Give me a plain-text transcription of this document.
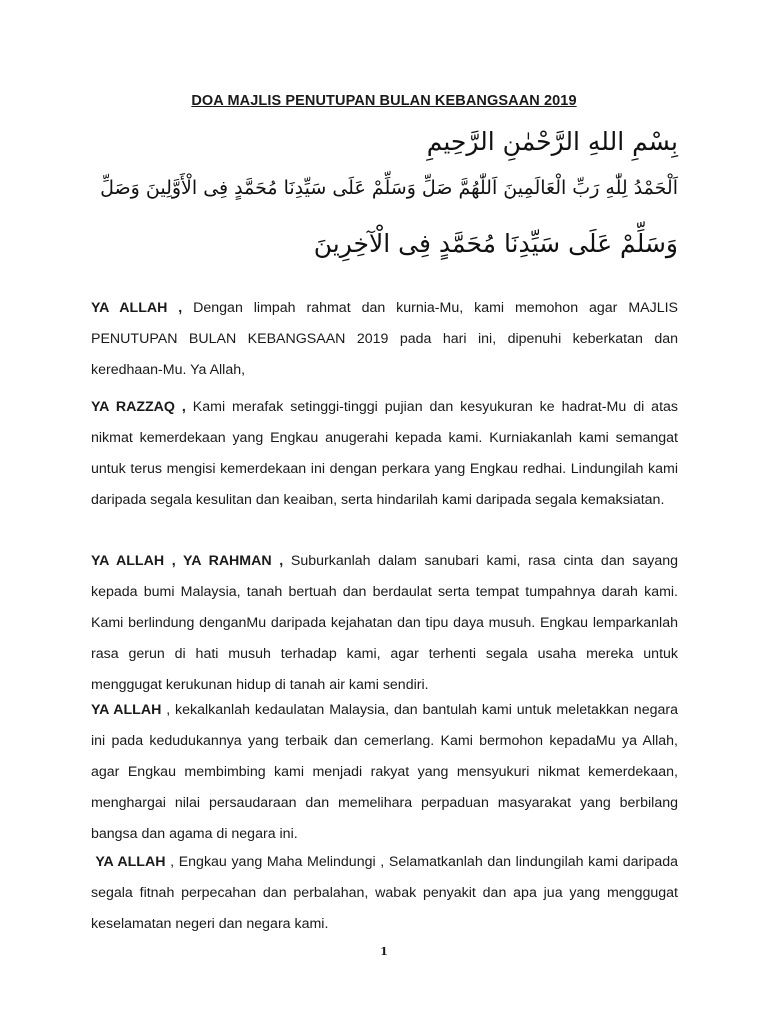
DOA MAJLIS PENUTUPAN BULAN KEBANGSAAN 2019
بِسْمِ اللهِ الرَّحْمٰنِ الرَّحِيمِ
اَلْحَمْدُ لِلّٰهِ رَبِّ الْعَالَمِينَ اَللّٰهُمَّ صَلِّ وَسَلِّمْ عَلَى سَيِّدِنَا مُحَمَّدٍ فِى الْأَوَّلِينَ وَصَلِّ
وَسَلِّمْ عَلَى سَيِّدِنَا مُحَمَّدٍ فِى الْآخِرِينَ

YA ALLAH , Dengan limpah rahmat dan kurnia-Mu, kami memohon agar MAJLIS PENUTUPAN BULAN KEBANGSAAN 2019 pada hari ini, dipenuhi keberkatan dan keredhaan-Mu. Ya Allah,

YA RAZZAQ , Kami merafak setinggi-tinggi pujian dan kesyukuran ke hadrat-Mu di atas nikmat kemerdekaan yang Engkau anugerahi kepada kami. Kurniakanlah kami semangat untuk terus mengisi kemerdekaan ini dengan perkara yang Engkau redhai. Lindungilah kami daripada segala kesulitan dan keaiban, serta hindarilah kami daripada segala kemaksiatan.

YA ALLAH , YA RAHMAN , Suburkanlah dalam sanubari kami, rasa cinta dan sayang kepada bumi Malaysia, tanah bertuah dan berdaulat serta tempat tumpahnya darah kami. Kami berlindung denganMu daripada kejahatan dan tipu daya musuh. Engkau lemparkanlah rasa gerun di hati musuh terhadap kami, agar terhenti segala usaha mereka untuk menggugat kerukunan hidup di tanah air kami sendiri.

YA ALLAH , kekalkanlah kedaulatan Malaysia, dan bantulah kami untuk meletakkan negara ini pada kedudukannya yang terbaik dan cemerlang. Kami bermohon kepadaMu ya Allah, agar Engkau membimbing kami menjadi rakyat yang mensyukuri nikmat kemerdekaan, menghargai nilai persaudaraan dan memelihara perpaduan masyarakat yang berbilang bangsa dan agama di negara ini.

YA ALLAH , Engkau yang Maha Melindungi , Selamatkanlah dan lindungilah kami daripada segala fitnah perpecahan dan perbalahan, wabak penyakit dan apa jua yang menggugat keselamatan negeri dan negara kami.

1
